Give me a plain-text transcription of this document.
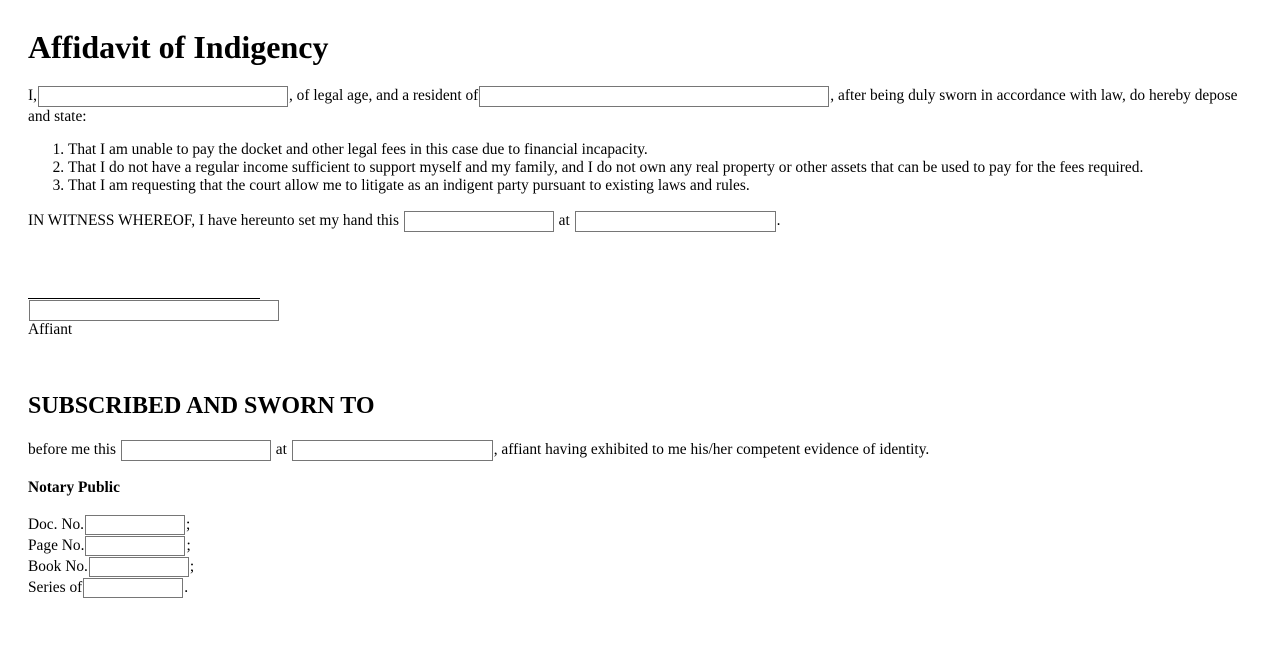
Affidavit of Indigency

I,	, of legal age, and a resident of	, after being duly sworn in accordance with law, do hereby depose and state:

1. That I am unable to pay the docket and other legal fees in this case due to financial incapacity.
2. That I do not have a regular income sufficient to support myself and my family, and I do not own any real property or other assets that can be used to pay for the fees required.
3. That I am requesting that the court allow me to litigate as an indigent party pursuant to existing laws and rules.
IN WITNESS WHEREOF, I have hereunto set my hand this	at	.
Affiant
SUBSCRIBED AND SWORN TO
before me this	at	, affiant having exhibited to me his/her competent evidence of identity.
Notary Public
Doc. No.	;
Page No.	;
Book No.	;
Series of	.
